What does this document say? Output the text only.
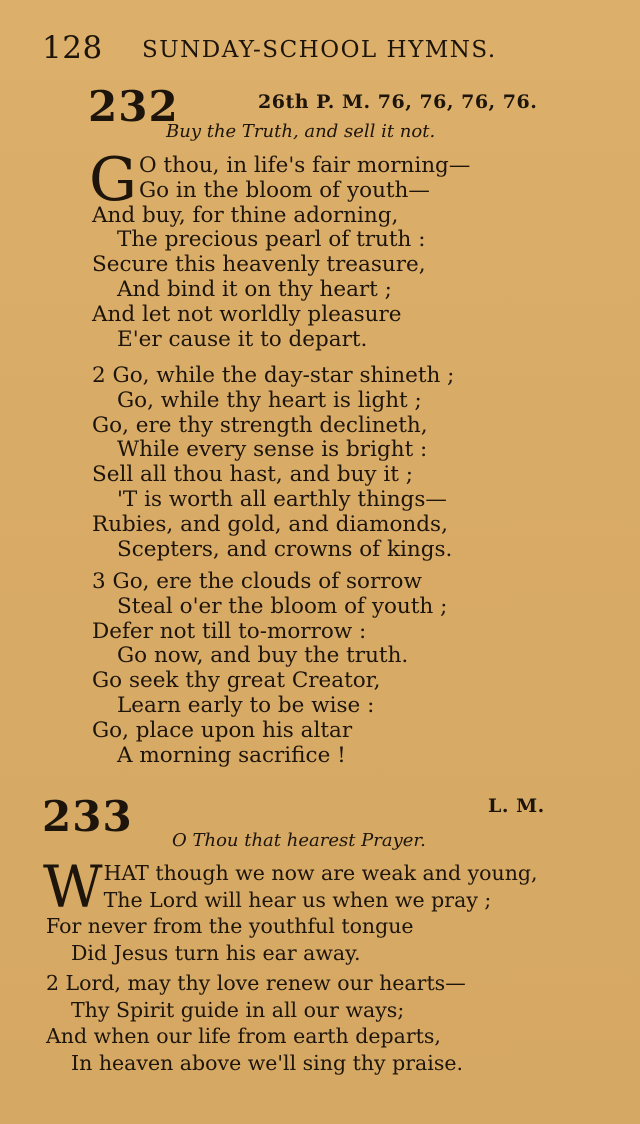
128 SUNDAY-SCHOOL HYMNS.
232	26th P. M. 76, 76, 76, 76.
Buy the Truth, and sell it not.
G O thou, in life's fair morning—
Go in the bloom of youth—
And buy, for thine adorning,
The precious pearl of truth :
Secure this heavenly treasure,
And bind it on thy heart ;
And let not worldly pleasure
E'er cause it to depart.
2 Go, while the day-star shineth ;
Go, while thy heart is light ;
Go, ere thy strength declineth,
While every sense is bright :
Sell all thou hast, and buy it ;
'T is worth all earthly things—
Rubies, and gold, and diamonds,
Scepters, and crowns of kings.
3 Go, ere the clouds of sorrow
Steal o'er the bloom of youth ;
Defer not till to-morrow :
Go now, and buy the truth.
Go seek thy great Creator,
Learn early to be wise :
Go, place upon his altar
A morning sacrifice !
233	L. M.
O Thou that hearest Prayer.
W HAT though we now are weak and young,
The Lord will hear us when we pray ;
For never from the youthful tongue
Did Jesus turn his ear away.
2 Lord, may thy love renew our hearts—
Thy Spirit guide in all our ways;
And when our life from earth departs,
In heaven above we'll sing thy praise.
